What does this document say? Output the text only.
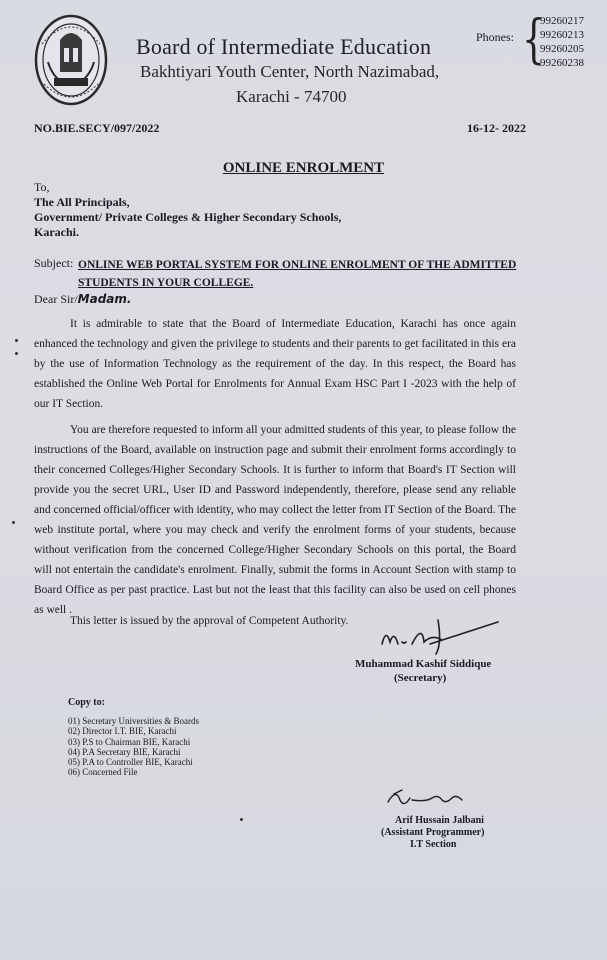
Board of Intermediate Education
Bakhtiyari Youth Center, North Nazimabad,
Karachi - 74700
Phones: {
99260217
99260213
99260205
99260238
NO.BIE.SECY/097/2022	16-12- 2022
ONLINE ENROLMENT
To,
The All Principals,
Government/ Private Colleges & Higher Secondary Schools,
Karachi.
Subject: ONLINE WEB PORTAL SYSTEM FOR ONLINE ENROLMENT OF THE ADMITTED STUDENTS IN YOUR COLLEGE.
Dear Sir/Madam.
It is admirable to state that the Board of Intermediate Education, Karachi has once again enhanced the technology and given the privilege to students and their parents to get facilitated in this era by the use of Information Technology as the requirement of the day. In this respect, the Board has established the Online Web Portal for Enrolments for Annual Exam HSC Part I -2023 with the help of our IT Section.
You are therefore requested to inform all your admitted students of this year, to please follow the instructions of the Board, available on instruction page and submit their enrolment forms accordingly to their concerned Colleges/Higher Secondary Schools. It is further to inform that Board's IT Section will provide you the secret URL, User ID and Password independently, therefore, please send any reliable and concerned official/officer with identity, who may collect the letter from IT Section of the Board. The web institute portal, where you may check and verify the enrolment forms of your students, because without verification from the concerned College/Higher Secondary Schools on this portal, the Board will not entertain the candidate's enrolment. Finally, submit the forms in Account Section with stamp to Board Office as per past practice. Last but not the least that this facility can also be used on cell phones as well .
This letter is issued by the approval of Competent Authority.
Muhammad Kashif Siddique
(Secretary)
Copy to:
01) Secretary Universities & Boards
02) Director I.T. BIE, Karachi
03) P.S to Chairman BIE, Karachi
04) P.A Secretary BIE, Karachi
05) P.A to Controller BIE, Karachi
06) Concerned File
Arif Hussain Jalbani
(Assistant Programmer)
I.T Section
